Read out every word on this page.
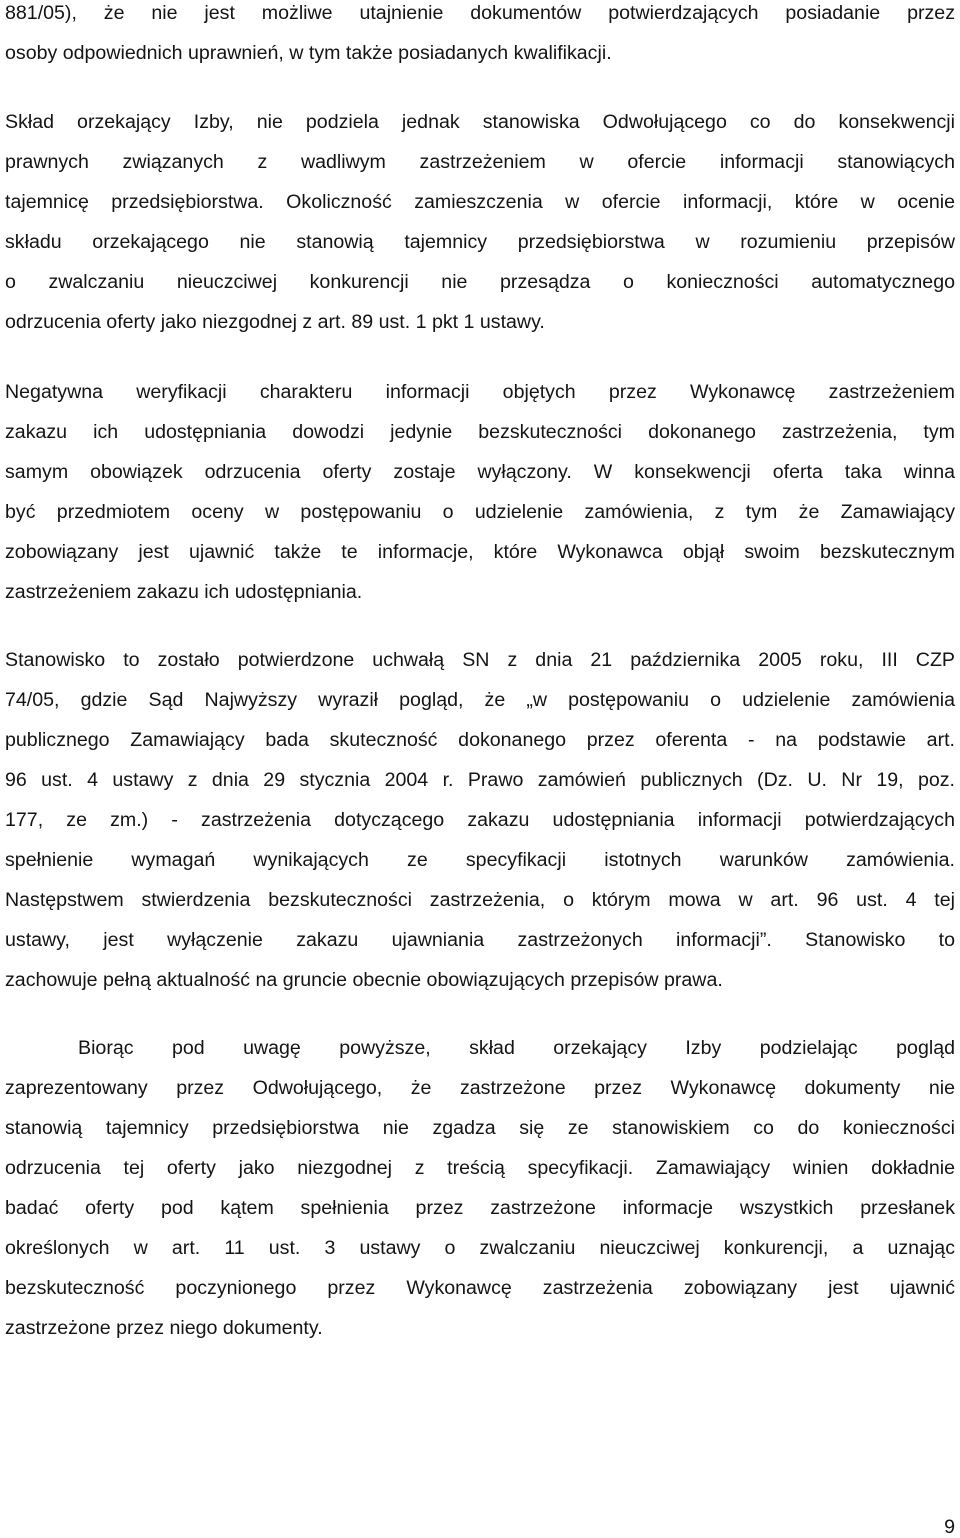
881/05), że nie jest możliwe utajnienie dokumentów potwierdzających posiadanie przez
osoby odpowiednich uprawnień, w tym także posiadanych kwalifikacji.
Skład orzekający Izby, nie podziela jednak stanowiska Odwołującego co do konsekwencji
prawnych związanych z wadliwym zastrzeżeniem w ofercie informacji stanowiących
tajemnicę przedsiębiorstwa. Okoliczność zamieszczenia w ofercie informacji, które w ocenie
składu orzekającego nie stanowią tajemnicy przedsiębiorstwa w rozumieniu przepisów
o zwalczaniu nieuczciwej konkurencji nie przesądza o konieczności automatycznego
odrzucenia oferty jako niezgodnej z art. 89 ust. 1 pkt 1 ustawy.
Negatywna weryfikacji charakteru informacji objętych przez Wykonawcę zastrzeżeniem
zakazu ich udostępniania dowodzi jedynie bezskuteczności dokonanego zastrzeżenia, tym
samym obowiązek odrzucenia oferty zostaje wyłączony. W konsekwencji oferta taka winna
być przedmiotem oceny w postępowaniu o udzielenie zamówienia, z tym że Zamawiający
zobowiązany jest ujawnić także te informacje, które Wykonawca objął swoim bezskutecznym
zastrzeżeniem zakazu ich udostępniania.
Stanowisko to zostało potwierdzone uchwałą SN z dnia 21 października 2005 roku, III CZP
74/05, gdzie Sąd Najwyższy wyraził pogląd, że „w postępowaniu o udzielenie zamówienia
publicznego Zamawiający bada skuteczność dokonanego przez oferenta - na podstawie art.
96 ust. 4 ustawy z dnia 29 stycznia 2004 r. Prawo zamówień publicznych (Dz. U. Nr 19, poz.
177, ze zm.) - zastrzeżenia dotyczącego zakazu udostępniania informacji potwierdzających
spełnienie wymagań wynikających ze specyfikacji istotnych warunków zamówienia.
Następstwem stwierdzenia bezskuteczności zastrzeżenia, o którym mowa w art. 96 ust. 4 tej
ustawy, jest wyłączenie zakazu ujawniania zastrzeżonych informacji”. Stanowisko to
zachowuje pełną aktualność na gruncie obecnie obowiązujących przepisów prawa.
Biorąc pod uwagę powyższe, skład orzekający Izby podzielając pogląd
zaprezentowany przez Odwołującego, że zastrzeżone przez Wykonawcę dokumenty nie
stanowią tajemnicy przedsiębiorstwa nie zgadza się ze stanowiskiem co do konieczności
odrzucenia tej oferty jako niezgodnej z treścią specyfikacji. Zamawiający winien dokładnie
badać oferty pod kątem spełnienia przez zastrzeżone informacje wszystkich przesłanek
określonych w art. 11 ust. 3 ustawy o zwalczaniu nieuczciwej konkurencji, a uznając
bezskuteczność poczynionego przez Wykonawcę zastrzeżenia zobowiązany jest ujawnić
zastrzeżone przez niego dokumenty.
9
